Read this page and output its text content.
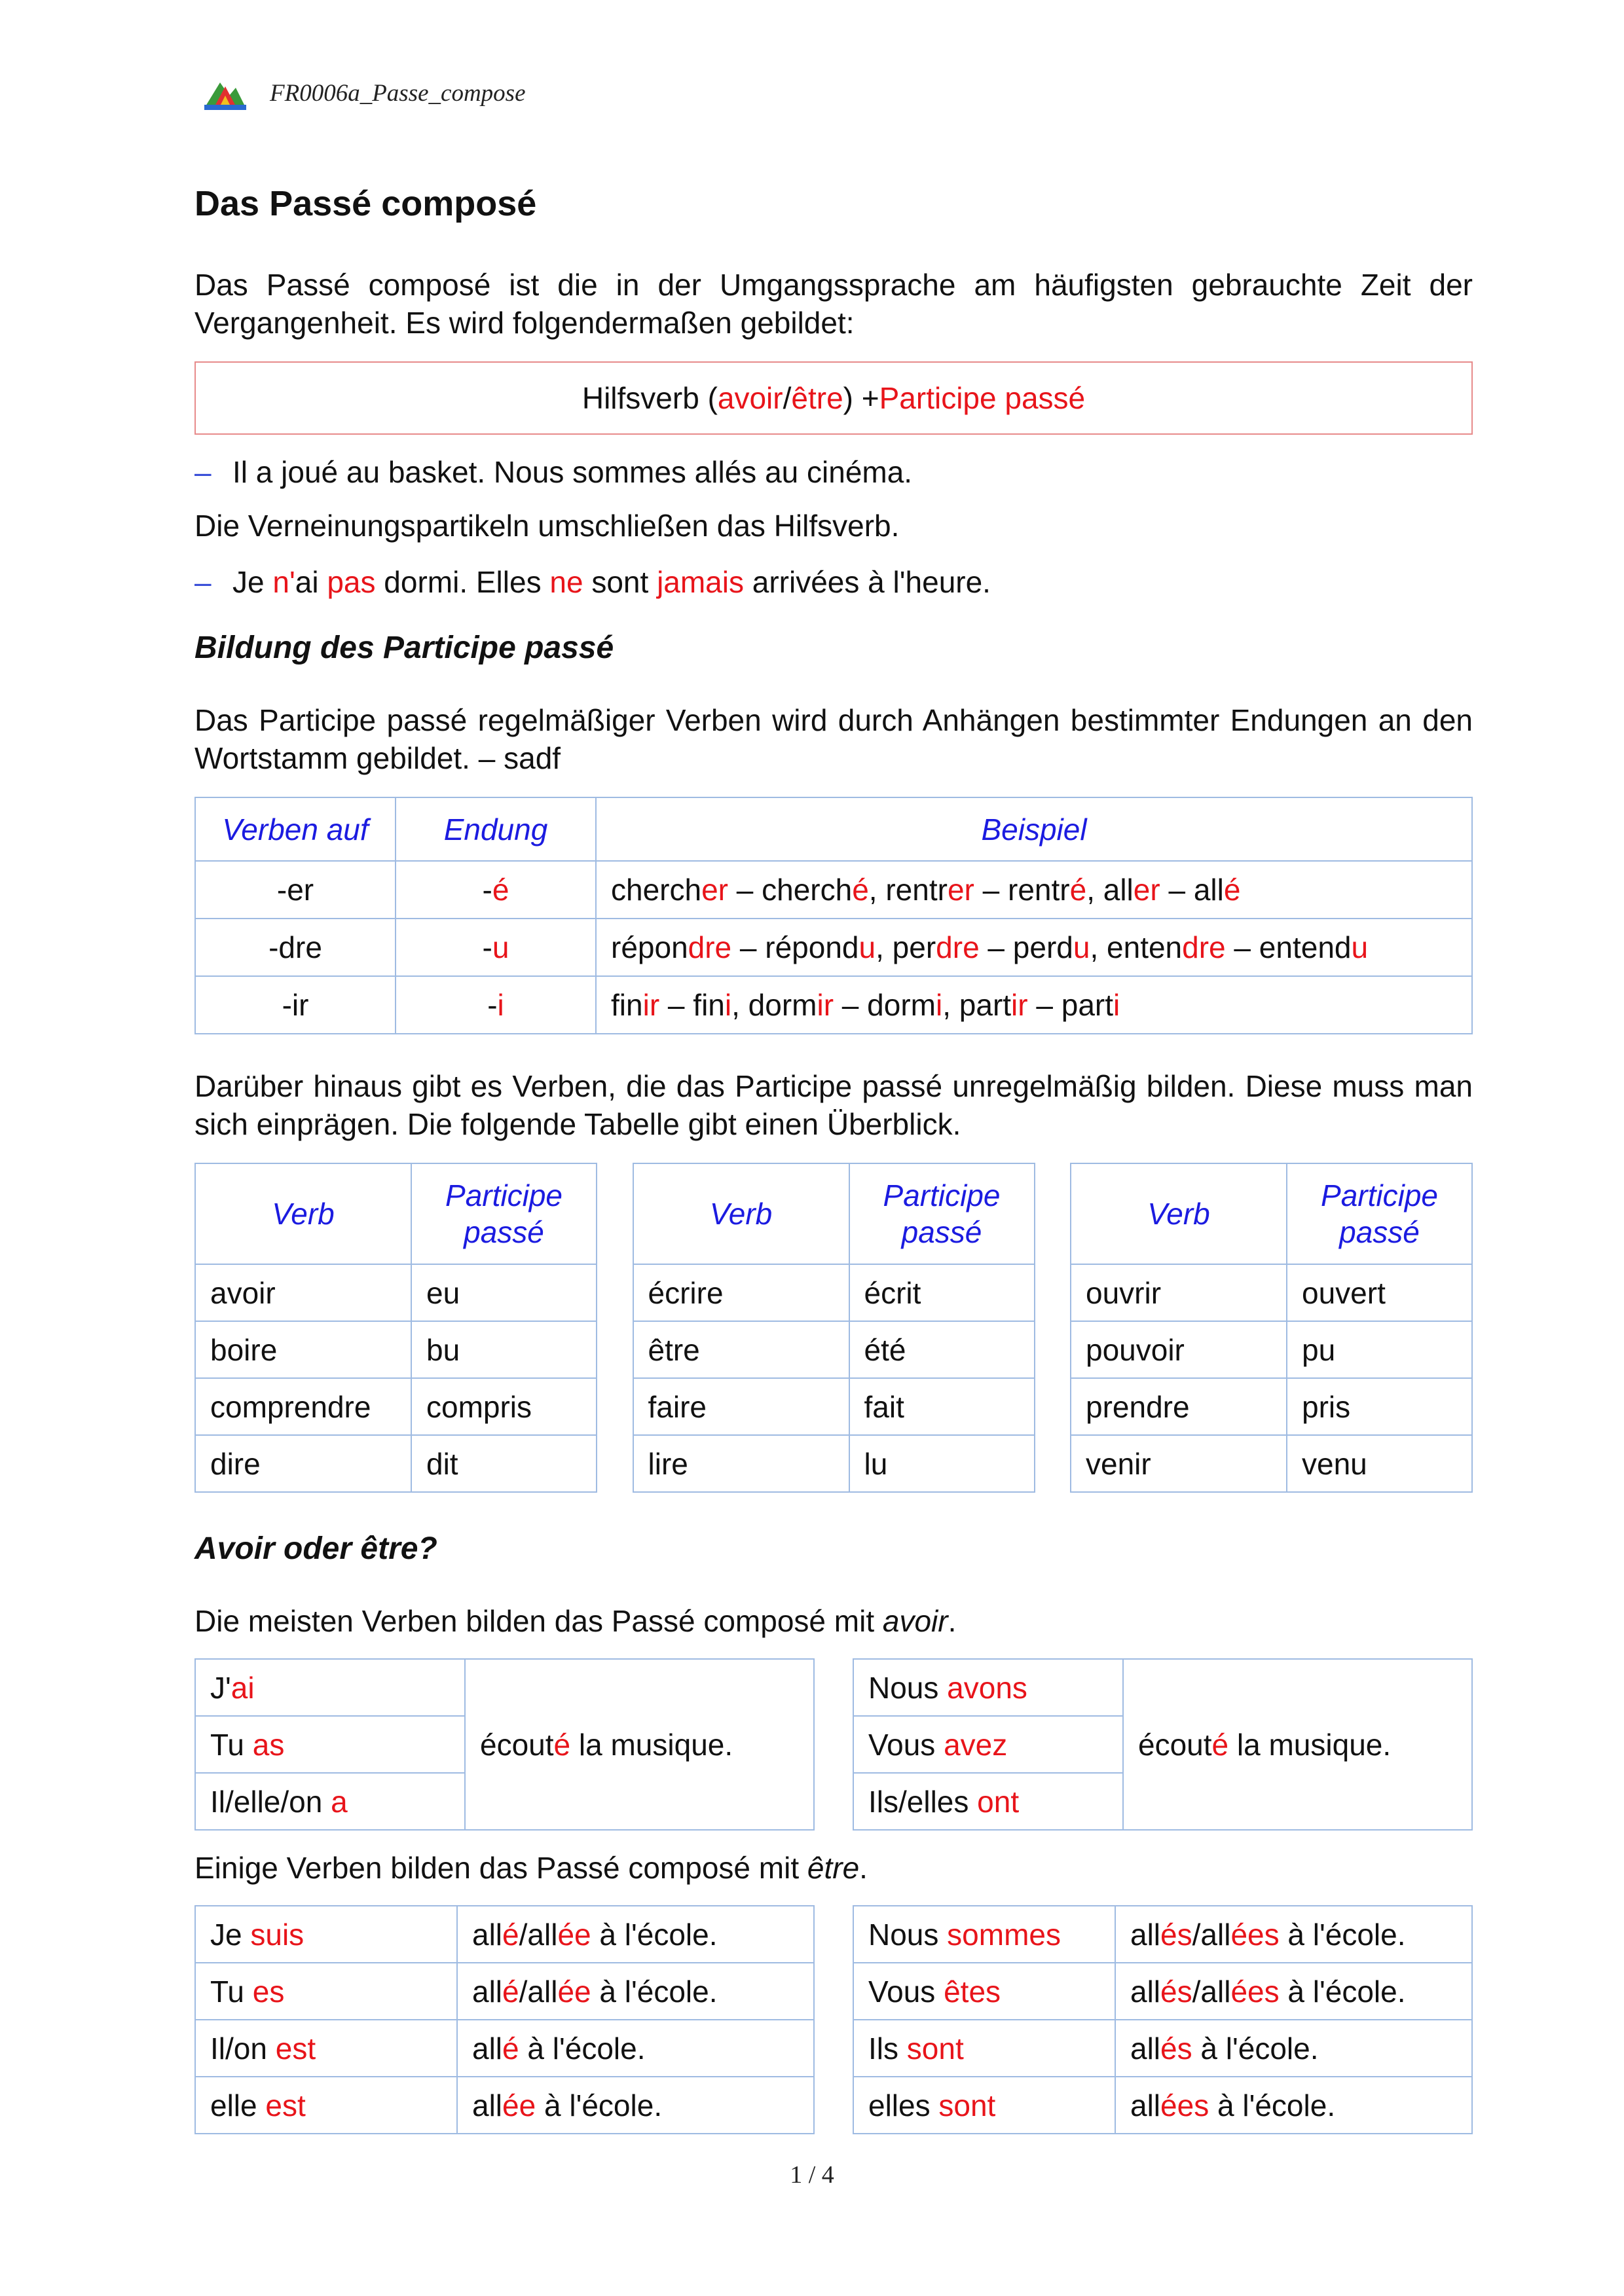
FR0006a_Passe_compose
Das Passé composé

Das Passé composé ist die in der Umgangssprache am häufigsten gebrauchte Zeit der Vergangenheit. Es wird folgendermaßen gebildet:

Hilfsverb ( avoir / être ) + Participe passé
– Il a joué au basket. Nous sommes allés au cinéma.

Die Verneinungspartikeln umschließen das Hilfsverb.

– Je n'ai pas dormi. Elles ne sont jamais arrivées à l'heure.
Bildung des Participe passé

Das Participe passé regelmäßiger Verben wird durch Anhängen bestimmter Endungen an den Wortstamm gebildet. – sadf

Verben auf	Endung	Beispiel
-er	-é	chercher – cherché, rentrer – rentré, aller – allé
-dre	-u	répondre – répondu, perdre – perdu, entendre – entendu
-ir	-i	finir – fini, dormir – dormi, partir – parti

Darüber hinaus gibt es Verben, die das Participe passé unregelmäßig bilden. Diese muss man sich einprägen. Die folgende Tabelle gibt einen Überblick.

Verb	Participe
passé
avoir	eu
boire	bu
comprendre	compris
dire	dit
Verb	Participe
passé
écrire	écrit
être	été
faire	fait
lire	lu
Verb	Participe
passé
ouvrir	ouvert
pouvoir	pu
prendre	pris
venir	venu
Avoir oder être?

Die meisten Verben bilden das Passé composé mit avoir.

J'ai	écouté la musique.
Tu as
Il/elle/on a
Nous avons	écouté la musique.
Vous avez
Ils/elles ont

Einige Verben bilden das Passé composé mit être.

Je suis	allé/allée à l'école.
Tu es	allé/allée à l'école.
Il/on est	allé à l'école.
elle est	allée à l'école.
Nous sommes	allés/allées à l'école.
Vous êtes	allés/allées à l'école.
Ils sont	allés à l'école.
elles sont	allées à l'école.
1 / 4
